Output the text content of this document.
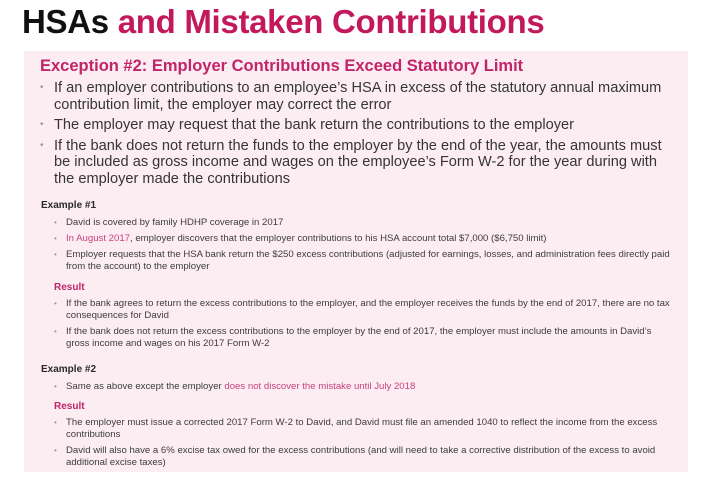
HSAs and Mistaken Contributions
Exception #2: Employer Contributions Exceed Statutory Limit
• If an employer contributions to an employee’s HSA in excess of the statutory annual maximum contribution limit, the employer may correct the error
• The employer may request that the bank return the contributions to the employer
• If the bank does not return the funds to the employer by the end of the year, the amounts must be included as gross income and wages on the employee’s Form W-2 for the year during with the employer made the contributions
Example #1
• David is covered by family HDHP coverage in 2017
• In August 2017, employer discovers that the employer contributions to his HSA account total $7,000 ($6,750 limit)
• Employer requests that the HSA bank return the $250 excess contributions (adjusted for earnings, losses, and administration fees directly paid from the account) to the employer
Result
• If the bank agrees to return the excess contributions to the employer, and the employer receives the funds by the end of 2017, there are no tax consequences for David
• If the bank does not return the excess contributions to the employer by the end of 2017, the employer must include the amounts in David’s gross income and wages on his 2017 Form W-2
Example #2
• Same as above except the employer does not discover the mistake until July 2018
Result
• The employer must issue a corrected 2017 Form W-2 to David, and David must file an amended 1040 to reflect the income from the excess contributions
• David will also have a 6% excise tax owed for the excess contributions (and will need to take a corrective distribution of the excess to avoid additional excise taxes)
